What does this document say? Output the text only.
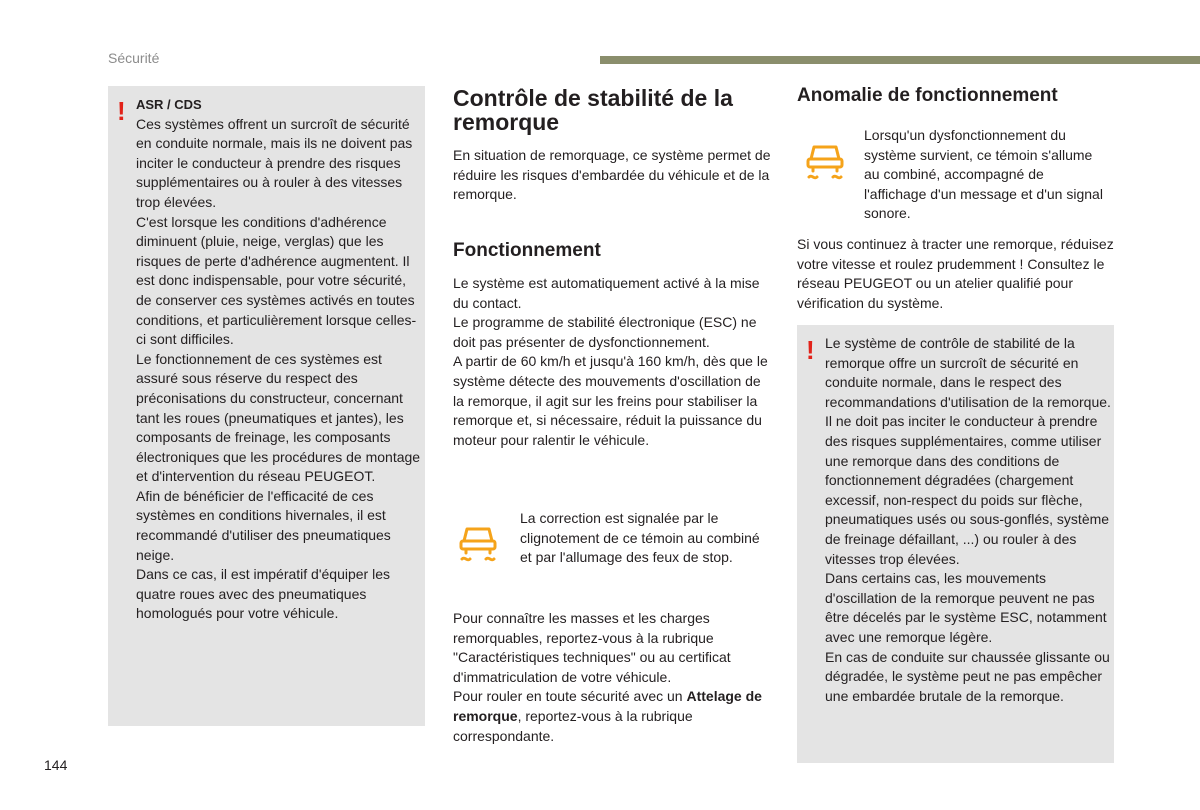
Sécurité
! ASR / CDS

Ces systèmes offrent un surcroît de sécurité en conduite normale, mais ils ne doivent pas inciter le conducteur à prendre des risques supplémentaires ou à rouler à des vitesses trop élevées.

C'est lorsque les conditions d'adhérence diminuent (pluie, neige, verglas) que les risques de perte d'adhérence augmentent. Il est donc indispensable, pour votre sécurité, de conserver ces systèmes activés en toutes conditions, et particulièrement lorsque celles-ci sont difficiles.

Le fonctionnement de ces systèmes est assuré sous réserve du respect des préconisations du constructeur, concernant tant les roues (pneumatiques et jantes), les composants de freinage, les composants électroniques que les procédures de montage et d'intervention du réseau PEUGEOT.

Afin de bénéficier de l'efficacité de ces systèmes en conditions hivernales, il est recommandé d'utiliser des pneumatiques neige.

Dans ce cas, il est impératif d'équiper les quatre roues avec des pneumatiques homologués pour votre véhicule.

Contrôle de stabilité de la remorque

En situation de remorquage, ce système permet de réduire les risques d'embardée du véhicule et de la remorque.

Fonctionnement

Le système est automatiquement activé à la mise du contact.

Le programme de stabilité électronique (ESC) ne doit pas présenter de dysfonctionnement.

A partir de 60 km/h et jusqu'à 160 km/h, dès que le système détecte des mouvements d'oscillation de la remorque, il agit sur les freins pour stabiliser la remorque et, si nécessaire, réduit la puissance du moteur pour ralentir le véhicule.

La correction est signalée par le clignotement de ce témoin au combiné et par l'allumage des feux de stop.

Pour connaître les masses et les charges remorquables, reportez-vous à la rubrique "Caractéristiques techniques" ou au certificat d'immatriculation de votre véhicule.

Pour rouler en toute sécurité avec un Attelage de remorque, reportez-vous à la rubrique correspondante.

Anomalie de fonctionnement

Lorsqu'un dysfonctionnement du système survient, ce témoin s'allume au combiné, accompagné de l'affichage d'un message et d'un signal sonore.

Si vous continuez à tracter une remorque, réduisez votre vitesse et roulez prudemment ! Consultez le réseau PEUGEOT ou un atelier qualifié pour vérification du système.

! Le système de contrôle de stabilité de la remorque offre un surcroît de sécurité en conduite normale, dans le respect des recommandations d'utilisation de la remorque. Il ne doit pas inciter le conducteur à prendre des risques supplémentaires, comme utiliser une remorque dans des conditions de fonctionnement dégradées (chargement excessif, non-respect du poids sur flèche, pneumatiques usés ou sous-gonflés, système de freinage défaillant, ...) ou rouler à des vitesses trop élevées.

Dans certains cas, les mouvements d'oscillation de la remorque peuvent ne pas être décelés par le système ESC, notamment avec une remorque légère.

En cas de conduite sur chaussée glissante ou dégradée, le système peut ne pas empêcher une embardée brutale de la remorque.

144
